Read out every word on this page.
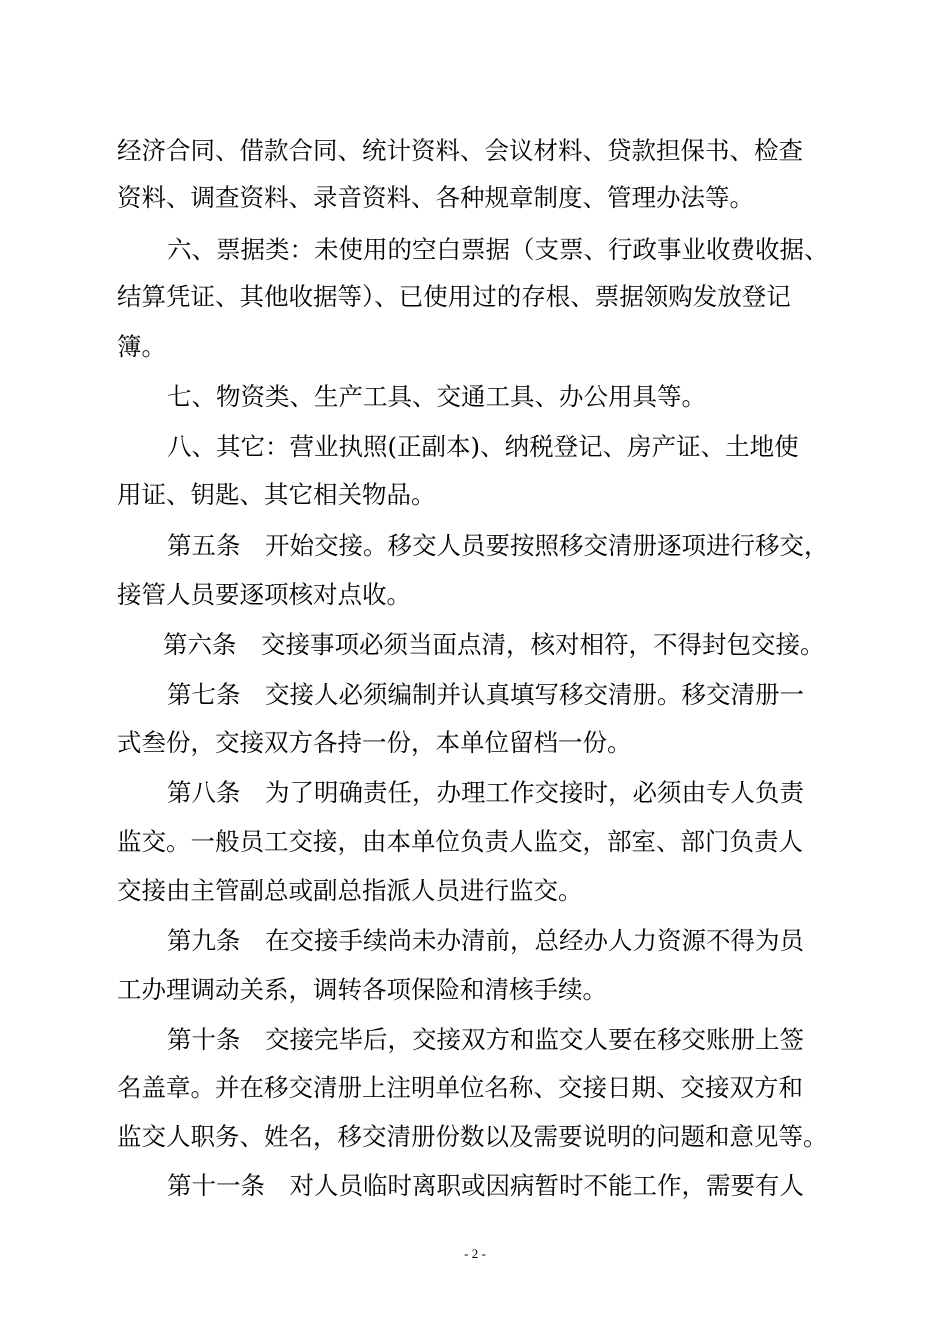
经济合同、借款合同、统计资料、会议材料、贷款担保书、检查
资料、调查资料、录音资料、各种规章制度、管理办法等。
六、票据类：未使用的空白票据（支票、行政事业收费收据、
结算凭证、其他收据等）、已使用过的存根、票据领购发放登记
簿。
七、物资类、生产工具、交通工具、办公用具等。
八、其它：营业执照(正副本)、纳税登记、房产证、土地使
用证、钥匙、其它相关物品。
第五条　开始交接。移交人员要按照移交清册逐项进行移交，
接管人员要逐项核对点收。
第六条　交接事项必须当面点清，核对相符，不得封包交接。
第七条　交接人必须编制并认真填写移交清册。移交清册一
式叁份，交接双方各持一份，本单位留档一份。
第八条　为了明确责任，办理工作交接时，必须由专人负责
监交。一般员工交接，由本单位负责人监交，部室、部门负责人
交接由主管副总或副总指派人员进行监交。
第九条　在交接手续尚未办清前，总经办人力资源不得为员
工办理调动关系，调转各项保险和清核手续。
第十条　交接完毕后，交接双方和监交人要在移交账册上签
名盖章。并在移交清册上注明单位名称、交接日期、交接双方和
监交人职务、姓名，移交清册份数以及需要说明的问题和意见等。
第十一条　对人员临时离职或因病暂时不能工作，需要有人
- 2 -
